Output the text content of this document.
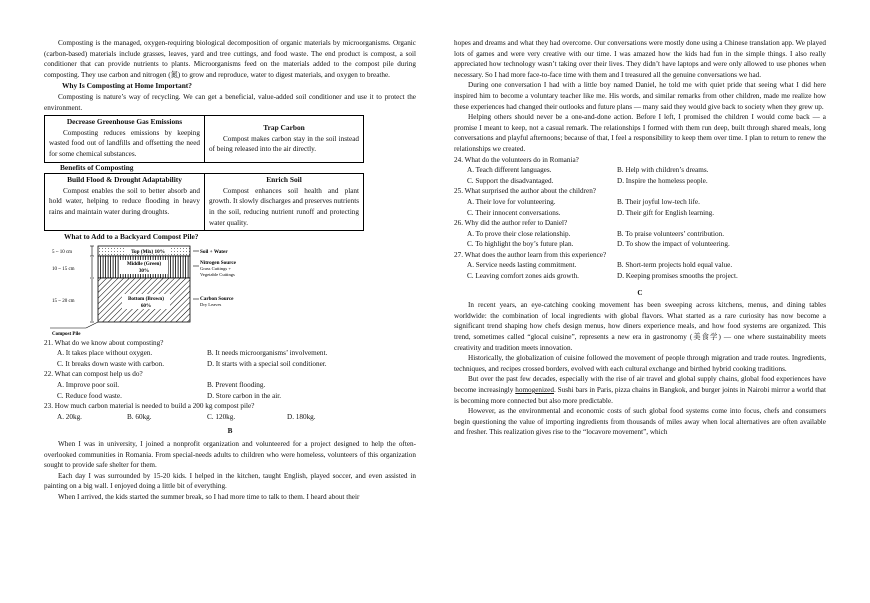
Composting is the managed, oxygen-requiring biological decomposition of organic materials by microorganisms. Organic (carbon-based) materials include grasses, leaves, yard and tree cuttings, and food waste. The end product is compost, a soil conditioner that can provide nutrients to plants. Microorganisms feed on the materials added to the compost pile during composting. They use carbon and nitrogen (氮) to grow and reproduce, water to digest materials, and oxygen to breathe.

Why Is Composting at Home Important?

Composting is nature’s way of recycling. We can get a beneficial, value-added soil conditioner and use it to protect the environment.

Decrease Greenhouse Gas Emissions

Composting reduces emissions by keeping wasted food out of landfills and offsetting the need for some chemical substances.

Trap Carbon

Compost makes carbon stay in the soil instead of being released into the air directly.

Benefits of Composting
Build Flood & Drought Adaptability

Compost enables the soil to better absorb and hold water, helping to reduce flooding in heavy rains and maintain water during droughts.

Enrich Soil

Compost enhances soil health and plant growth. It slowly discharges and preserves nutrients in the soil, reducing nutrient runoff and protecting water quality.

What to Add to a Backyard Compost Pile?
Top (Mix) 10%
Middle (Green)
30%
Bottom (Brown)
60%
5 ~ 10 cm
10 ~ 15 cm
15 ~ 20 cm
Soil + Water
Nitrogen Source
Grass Cuttings +
Vegetable Cuttings
Carbon Source
Dry Leaves
Compost Pile
21. What do we know about composting?
A. It takes place without oxygen.	B. It needs microorganisms’ involvement.
C. It breaks down waste with carbon.	D. It starts with a special soil conditioner.
22. What can compost help us do?
A. Improve poor soil.	B. Prevent flooding.
C. Reduce food waste.	D. Store carbon in the air.
23. How much carbon material is needed to build a 200 kg compost pile?
A. 20kg.	B. 60kg.	C. 120kg.	D. 180kg.
B

When I was in university, I joined a nonprofit organization and volunteered for a project designed to help the often-overlooked communities in Romania. From special-needs adults to children who were homeless, volunteers of this organization sought to provide safe shelter for them.

Each day I was surrounded by 15-20 kids. I helped in the kitchen, taught English, played soccer, and even assisted in painting on a big wall. I enjoyed doing a little bit of everything.

When I arrived, the kids started the summer break, so I had more time to talk to them. I heard about their

hopes and dreams and what they had overcome. Our conversations were mostly done using a Chinese translation app. We played lots of games and were very creative with our time. I was amazed how the kids had fun in the simple things. I also really appreciated how technology wasn’t taking over their lives. They didn’t have laptops and were only allowed to use phones when necessary. So I had more face-to-face time with them and I treasured all the genuine conversations we had.

During one conversation I had with a little boy named Daniel, he told me with quiet pride that seeing what I did here inspired him to become a voluntary teacher like me. His words, and similar remarks from other children, made me realize how these experiences had changed their outlooks and future plans — many said they would give back to society when they grew up.

Helping others should never be a one-and-done action. Before I left, I promised the children I would come back — a promise I meant to keep, not a casual remark. The relationships I formed with them run deep, built through shared meals, long conversations and playful afternoons; because of that, I feel a responsibility to keep them over time. I plan to return to renew the relationships we created.

24. What do the volunteers do in Romania?
A. Teach different languages.	B. Help with children’s dreams.
C. Support the disadvantaged.	D. Inspire the homeless people.
25. What surprised the author about the children?
A. Their love for volunteering.	B. Their joyful low-tech life.
C. Their innocent conversations.	D. Their gift for English learning.
26. Why did the author refer to Daniel?
A. To prove their close relationship.	B. To praise volunteers’ contribution.
C. To highlight the boy’s future plan.	D. To show the impact of volunteering.
27. What does the author learn from this experience?
A. Service needs lasting commitment.	B. Short-term projects hold equal value.
C. Leaving comfort zones aids growth.	D. Keeping promises smooths the project.
C

In recent years, an eye-catching cooking movement has been sweeping across kitchens, menus, and dining tables worldwide: the combination of local ingredients with global flavors. What started as a rare curiosity has now become a significant trend shaping how chefs design menus, how diners experience meals, and how food systems are organized. This trend, sometimes called “glocal cuisine”, represents a new era in gastronomy (美食学) — one where sustainability meets creativity and tradition meets innovation.

Historically, the globalization of cuisine followed the movement of people through migration and trade routes. Ingredients, techniques, and recipes crossed borders, evolved with each cultural exchange and birthed hybrid cooking traditions.

But over the past few decades, especially with the rise of air travel and global supply chains, global food experiences have become increasingly homogenized. Sushi bars in Paris, pizza chains in Bangkok, and burger joints in Nairobi mirror a world that is becoming more connected but also more predictable.

However, as the environmental and economic costs of such global food systems come into focus, chefs and consumers begin questioning the value of importing ingredients from thousands of miles away when local alternatives are often available and fresher. This realization gives rise to the “locavore movement”, which
